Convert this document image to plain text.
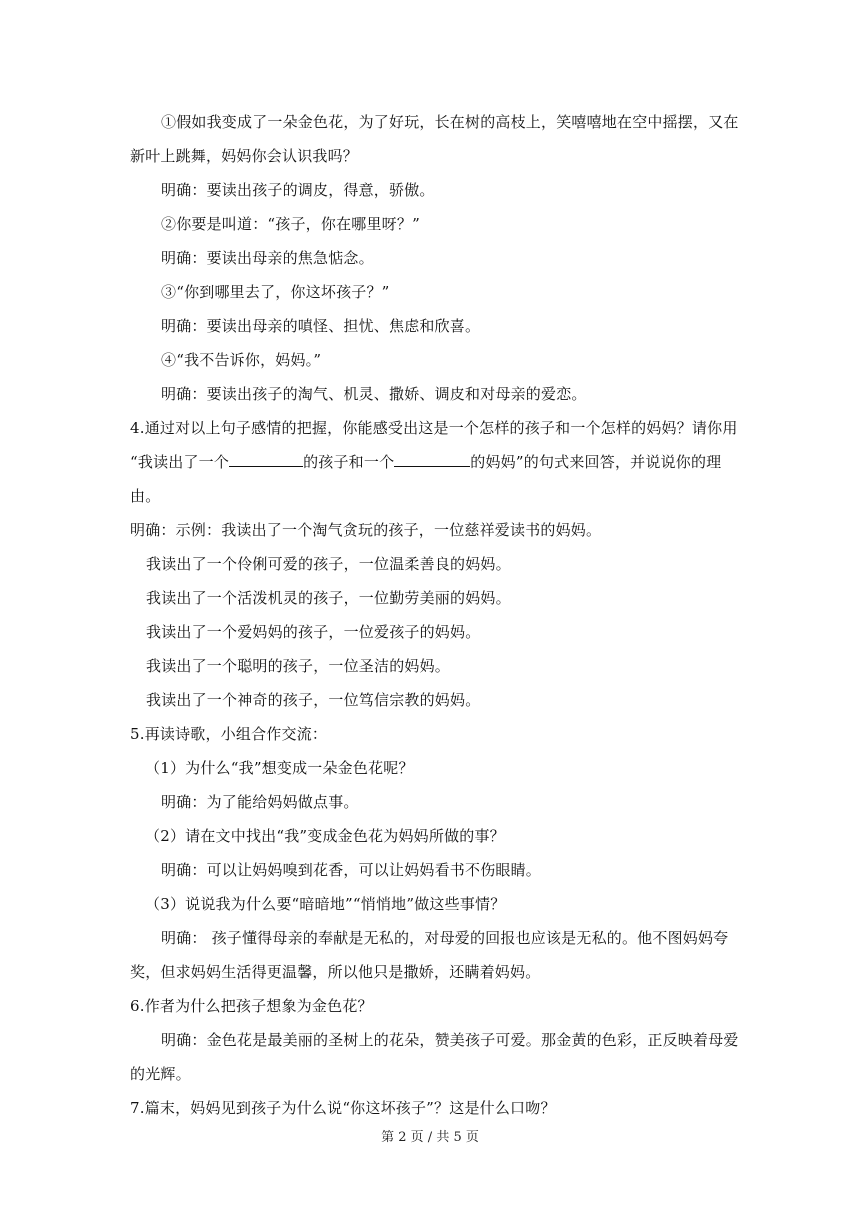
①假如我变成了一朵金色花，为了好玩，长在树的高枝上，笑嘻嘻地在空中摇摆，又在
新叶上跳舞，妈妈你会认识我吗？
明确：要读出孩子的调皮，得意，骄傲。
②你要是叫道：“孩子，你在哪里呀？”
明确：要读出母亲的焦急惦念。
③“你到哪里去了，你这坏孩子？”
明确：要读出母亲的嗔怪、担忧、焦虑和欣喜。
④“我不告诉你，妈妈。”
明确：要读出孩子的淘气、机灵、撒娇、调皮和对母亲的爱恋。
4.通过对以上句子感情的把握，你能感受出这是一个怎样的孩子和一个怎样的妈妈？请你用
“我读出了一个	的孩子和一个	的妈妈”的句式来回答，并说说你的理
由。
明确：示例：我读出了一个淘气贪玩的孩子，一位慈祥爱读书的妈妈。
我读出了一个伶俐可爱的孩子，一位温柔善良的妈妈。
我读出了一个活泼机灵的孩子，一位勤劳美丽的妈妈。
我读出了一个爱妈妈的孩子，一位爱孩子的妈妈。
我读出了一个聪明的孩子，一位圣洁的妈妈。
我读出了一个神奇的孩子，一位笃信宗教的妈妈。
5.再读诗歌，小组合作交流：
（1）为什么“我”想变成一朵金色花呢？
明确：为了能给妈妈做点事。
（2）请在文中找出“我”变成金色花为妈妈所做的事？
明确：可以让妈妈嗅到花香，可以让妈妈看书不伤眼睛。
（3）说说我为什么要“暗暗地”“悄悄地”做这些事情？
明确： 孩子懂得母亲的奉献是无私的，对母爱的回报也应该是无私的。他不图妈妈夸
奖，但求妈妈生活得更温馨，所以他只是撒娇，还瞒着妈妈。
6.作者为什么把孩子想象为金色花？
明确：金色花是最美丽的圣树上的花朵，赞美孩子可爱。那金黄的色彩，正反映着母爱
的光辉。
7.篇末，妈妈见到孩子为什么说“你这坏孩子”？这是什么口吻？
第 2 页 / 共 5 页
